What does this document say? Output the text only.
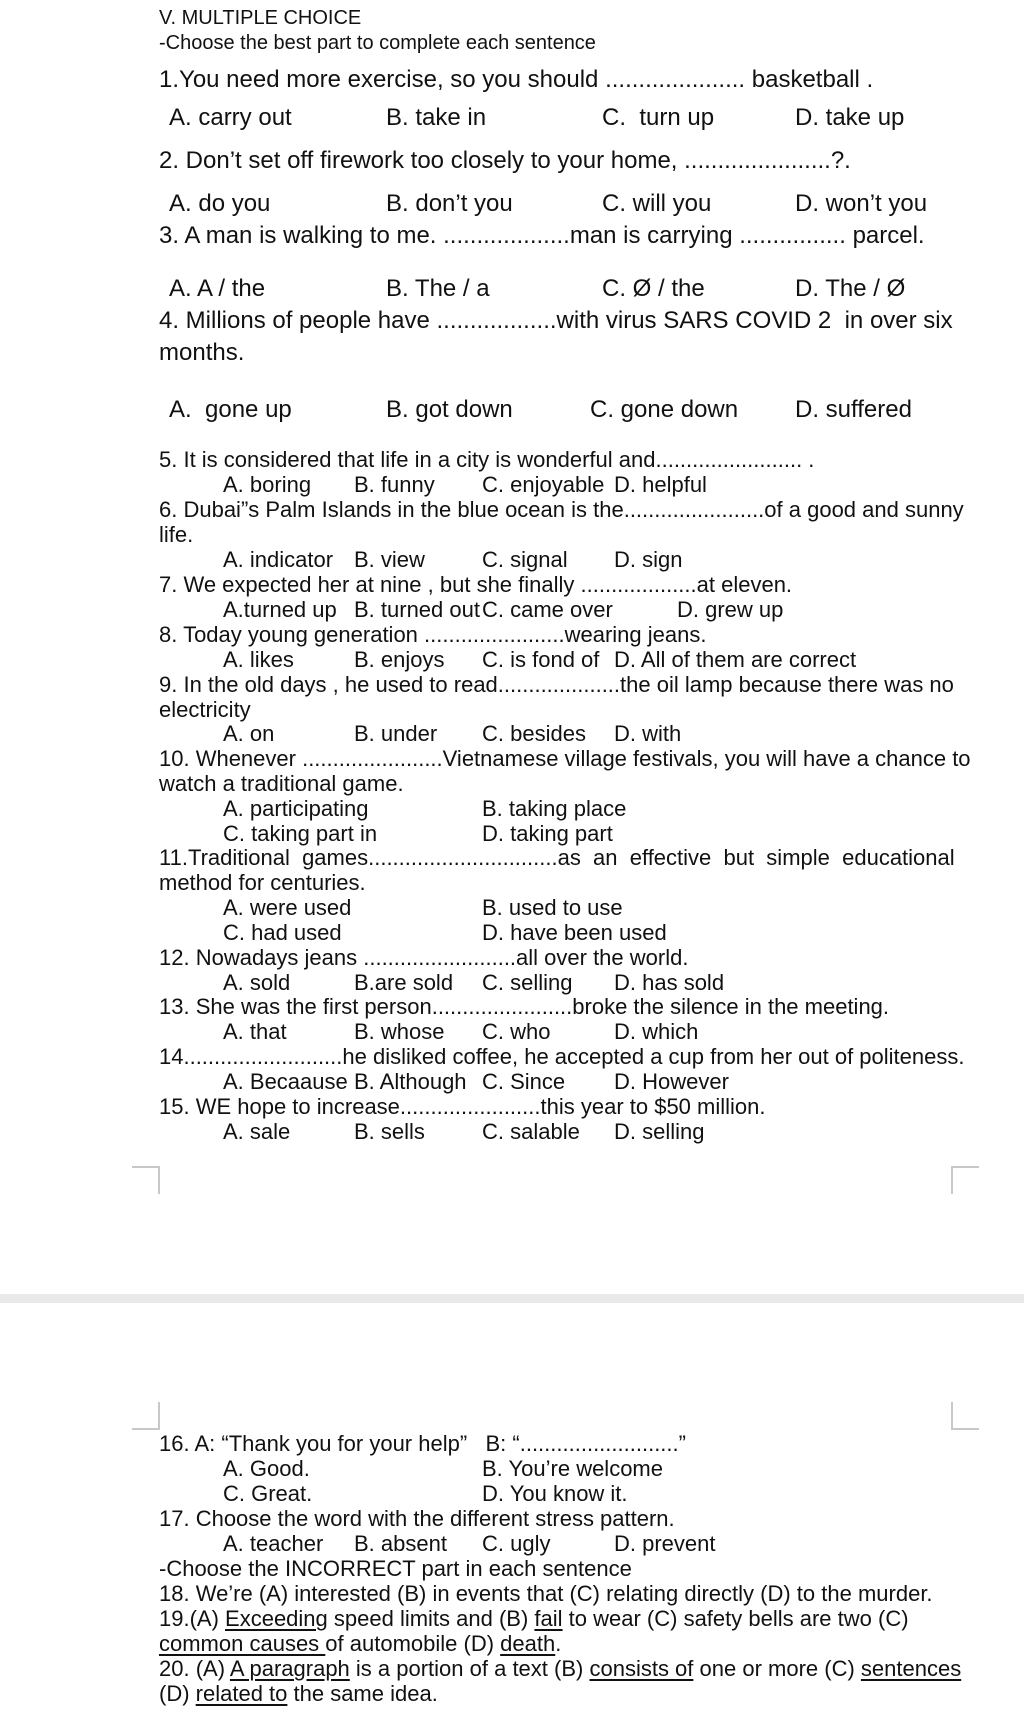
V. MULTIPLE CHOICE
-Choose the best part to complete each sentence
1.You need more exercise, so you should ..................... basketball .
A. carry out	B. take in	C.  turn up	D. take up
2. Don’t set off firework too closely to your home, ......................?.
A. do you	B. don’t you	C. will you	D. won’t you
3. A man is walking to me. ...................man is carrying ................ parcel.
A. A / the	B. The / a	C. Ø / the	D. The / Ø
4. Millions of people have ..................with virus SARS COVID 2  in over six
months.
A.  gone up	B. got down	C. gone down D. suffered
5. It is considered that life in a city is wonderful and........................ .
A. boring B. funny C. enjoyable D. helpful
6. Dubai”s Palm Islands in the blue ocean is the.......................of a good and sunny
life.
A. indicator B. view	C. signal D. sign
7. We expected her at nine , but she finally ...................at eleven.
A.turned up B. turned out C. came over	D. grew up
8. Today young generation .......................wearing jeans.
A. likes	B. enjoys C. is fond of D. All of them are correct
9. In the old days , he used to read....................the oil lamp because there was no
electricity
A. on	B. under C. besides D. with
10. Whenever .......................Vietnamese village festivals, you will have a chance to
watch a traditional game.
A. participating	B. taking place
C. taking part in	D. taking part
11.Traditional  games...............................as  an  effective  but  simple  educational
method for centuries.
A. were used	B. used to use
C. had used	D. have been used
12. Nowadays jeans .........................all over the world.
A. sold	B.are sold C. selling D. has sold
13. She was the first person.......................broke the silence in the meeting.
A. that	B. whose C. who	D. which
14..........................he disliked coffee, he accepted a cup from her out of politeness.
A. Becaause B. Although C. Since D. However
15. WE hope to increase.......................this year to $50 million.
A. sale	B. sells	C. salable D. selling
16. A: “Thank you for your help”   B: “..........................”
A. Good.	B. You’re welcome
C. Great.	D. You know it.
17. Choose the word with the different stress pattern.
A. teacher B. absent C. ugly	D. prevent
-Choose the INCORRECT part in each sentence
18. We’re (A) interested (B) in events that (C) relating directly (D) to the murder.
19.(A) Exceeding speed limits and (B) fail to wear (C) safety bells are two (C)
common causes of automobile (D) death.
20. (A) A paragraph is a portion of a text (B) consists of one or more (C) sentences
(D) related to the same idea.
